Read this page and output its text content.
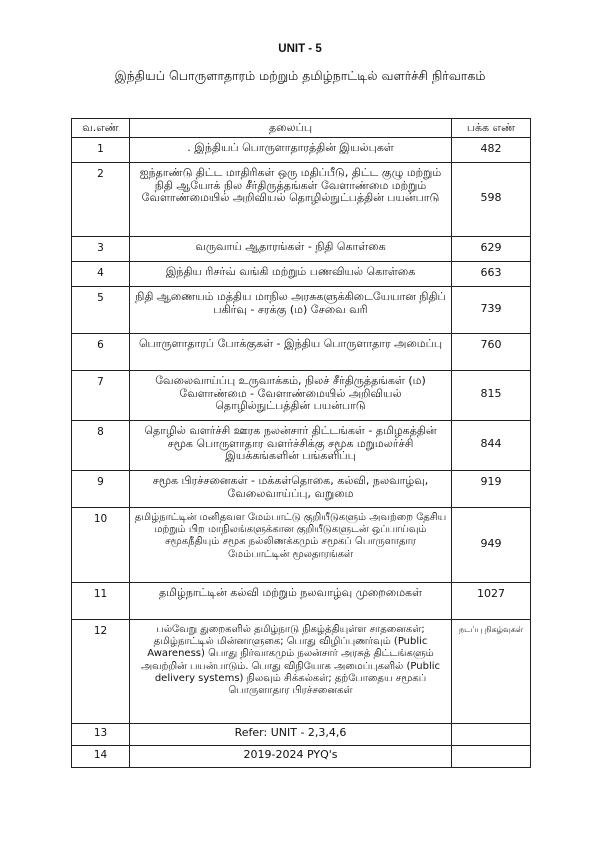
UNIT - 5
இந்தியப் பொருளாதாரம் மற்றும் தமிழ்நாட்டில் வளர்ச்சி நிர்வாகம்
வ.எண்	தலைப்பு	பக்க எண்
1	. இந்தியப் பொருளாதாரத்தின் இயல்புகள்	482
2	ஐந்தாண்டு திட்ட மாதிரிகள் ஒரு மதிப்பீடு, திட்ட குழு மற்றும் நிதி ஆயோக் நில சீர்திருத்தங்கள் வேளாண்மை மற்றும் வேளாண்மையில் அறிவியல் தொழில்நுட்பத்தின் பயன்பாடு	598
3	வருவாய் ஆதாரங்கள் - நிதி கொள்கை	629
4	இந்திய ரிசர்வ் வங்கி மற்றும் பணவியல் கொள்கை	663
5	நிதி ஆணையம் மத்திய மாநில அரசுகளுக்கிடையேயான நிதிப் பகிர்வு - சரக்கு (ம) சேவை வரி	739
6	பொருளாதாரப் போக்குகள் - இந்திய பொருளாதார அமைப்பு	760
7	வேலைவாய்ப்பு உருவாக்கம், நிலச் சீர்திருத்தங்கள் (ம) வேளாண்மை - வேளாண்மையில் அறிவியல் தொழில்நுட்பத்தின் பயன்பாடு	815
8	தொழில் வளர்ச்சி ஊரக நலன்சார் திட்டங்கள் - தமிழகத்தின் சமூக பொருளாதார வளர்ச்சிக்கு சமூக மறுமலர்ச்சி இயக்கங்களின் பங்களிப்பு	844
9	சமூக பிரச்சனைகள் - மக்கள்தொகை, கல்வி, நலவாழ்வு, வேலைவாய்ப்பு, வறுமை	919
10	தமிழ்நாட்டின் மனிதவள மேம்பாட்டு குறியீடுகளும் அவற்றை தேசிய மற்றும் பிற மாநிலங்களுக்கான குறியீடுகளுடன் ஒப்பாய்வும் சமூகநீதியும் சமூக நல்லிணக்கமும் சமூகப் பொருளாதார மேம்பாட்டின் மூலதாரங்கள்	949
11	தமிழ்நாட்டின் கல்வி மற்றும் நலவாழ்வு முறைமைகள்	1027
12	பல்வேறு துறைகளில் தமிழ்நாடு நிகழ்த்தியுள்ள சாதனைகள்; தமிழ்நாட்டில் மின்னாளுகை; பொது விழிப்புணர்வும் (Public Awareness) பொது நிர்வாகமும் நலன்சார் அரசுத் திட்டங்களும் அவற்றின் பயன்பாடும். பொது விநியோக அமைப்புகளில் (Public delivery systems) நிலவும் சிக்கல்கள்; தற்போதைய சமூகப் பொருளாதார பிரச்சனைகள்	நடப்பு நிகழ்வுகள்
13	Refer: UNIT - 2,3,4,6	
14	2019-2024 PYQ's	
